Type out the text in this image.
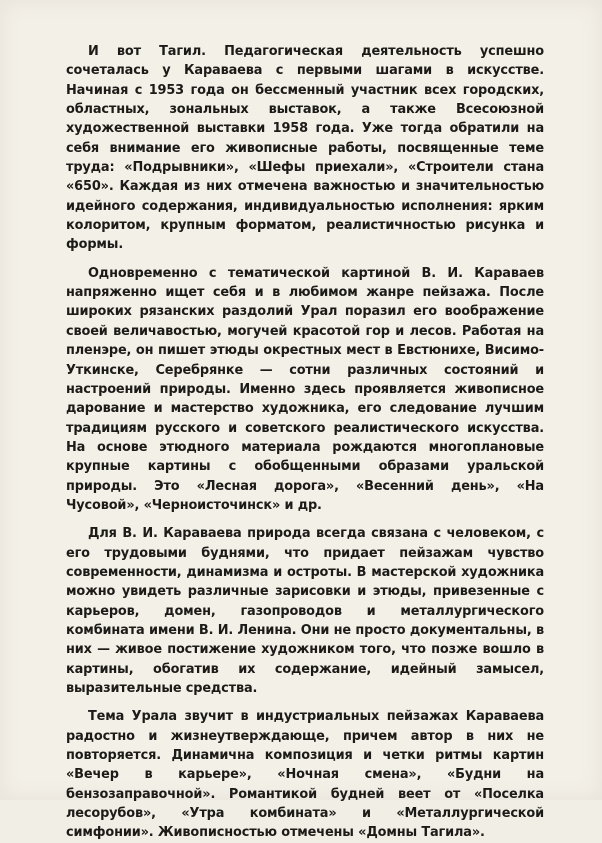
И вот Тагил. Педагогическая деятельность успешно сочеталась у Караваева с первыми шагами в искусстве. Начиная с 1953 года он бессменный участник всех городских, областных, зональных выставок, а также Всесоюзной художественной выставки 1958 года. Уже тогда обратили на себя внимание его живописные работы, посвященные теме труда: «Подрывники», «Шефы приехали», «Строители стана «650». Каждая из них отмечена важностью и значительностью идейного содержания, индивидуальностью исполнения: ярким колоритом, крупным форматом, реалистичностью рисунка и формы.

Одновременно с тематической картиной В. И. Караваев напряженно ищет себя и в любимом жанре пейзажа. После широких рязанских раздолий Урал поразил его воображение своей величавостью, могучей красотой гор и лесов. Работая на пленэре, он пишет этюды окрестных мест в Евстюнихе, Висимо-Уткинске, Серебрянке — сотни различных состояний и настроений природы. Именно здесь проявляется живописное дарование и мастерство художника, его следование лучшим традициям русского и советского реалистического искусства. На основе этюдного материала рождаются многоплановые крупные картины с обобщенными образами уральской природы. Это «Лесная дорога», «Весенний день», «На Чусовой», «Черноисточинск» и др.

Для В. И. Караваева природа всегда связана с человеком, с его трудовыми буднями, что придает пейзажам чувство современности, динамизма и остроты. В мастерской художника можно увидеть различные зарисовки и этюды, привезенные с карьеров, домен, газопроводов и металлургического комбината имени В. И. Ленина. Они не просто документальны, в них — живое постижение художником того, что позже вошло в картины, обогатив их содержание, идейный замысел, выразительные средства.

Тема Урала звучит в индустриальных пейзажах Караваева радостно и жизнеутверждающе, причем автор в них не повторяется. Динамична композиция и четки ритмы картин «Вечер в карьере», «Ночная смена», «Будни на бензозаправочной». Романтикой будней веет от «Поселка лесорубов», «Утра комбината» и «Металлургической симфонии». Живописностью отмечены «Домны Тагила».
